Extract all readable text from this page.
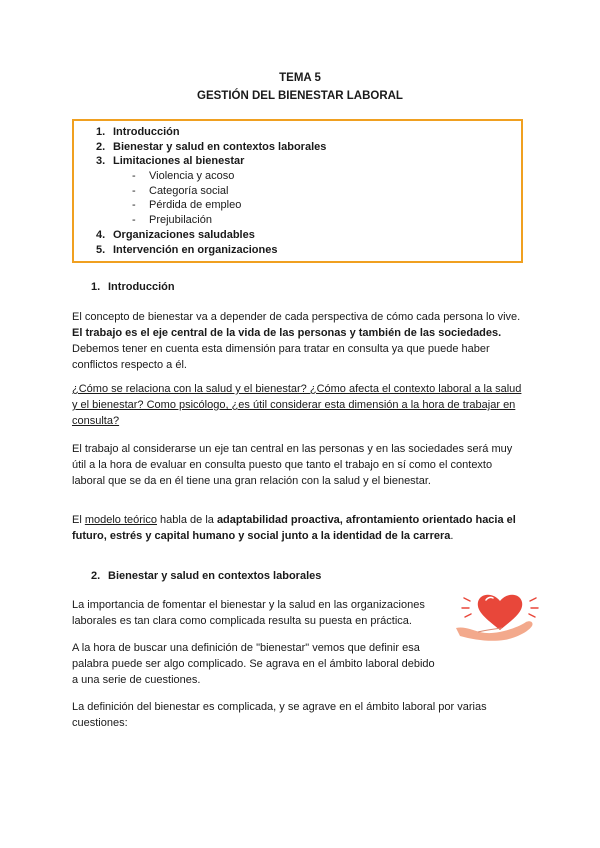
TEMA 5
GESTIÓN DEL BIENESTAR LABORAL
1. Introducción
2. Bienestar y salud en contextos laborales
3. Limitaciones al bienestar
- Violencia y acoso
- Categoría social
- Pérdida de empleo
- Prejubilación
4. Organizaciones saludables
5. Intervención en organizaciones
1. Introducción
El concepto de bienestar va a depender de cada perspectiva de cómo cada persona lo vive.
El trabajo es el eje central de la vida de las personas y también de las sociedades.
Debemos tener en cuenta esta dimensión para tratar en consulta ya que puede haber
conflictos respecto a él.
¿Cómo se relaciona con la salud y el bienestar? ¿Cómo afecta el contexto laboral a la salud
y el bienestar? Como psicólogo, ¿es útil considerar esta dimensión a la hora de trabajar en
consulta?
El trabajo al considerarse un eje tan central en las personas y en las sociedades será muy
útil a la hora de evaluar en consulta puesto que tanto el trabajo en sí como el contexto
laboral que se da en él tiene una gran relación con la salud y el bienestar.
El modelo teórico habla de la adaptabilidad proactiva, afrontamiento orientado hacia el
futuro, estrés y capital humano y social junto a la identidad de la carrera.
2. Bienestar y salud en contextos laborales
La importancia de fomentar el bienestar y la salud en las organizaciones
laborales es tan clara como complicada resulta su puesta en práctica.
A la hora de buscar una definición de "bienestar" vemos que definir esa
palabra puede ser algo complicado. Se agrava en el ámbito laboral debido
a una serie de cuestiones.
La definición del bienestar es complicada, y se agrave en el ámbito laboral por varias
cuestiones:
